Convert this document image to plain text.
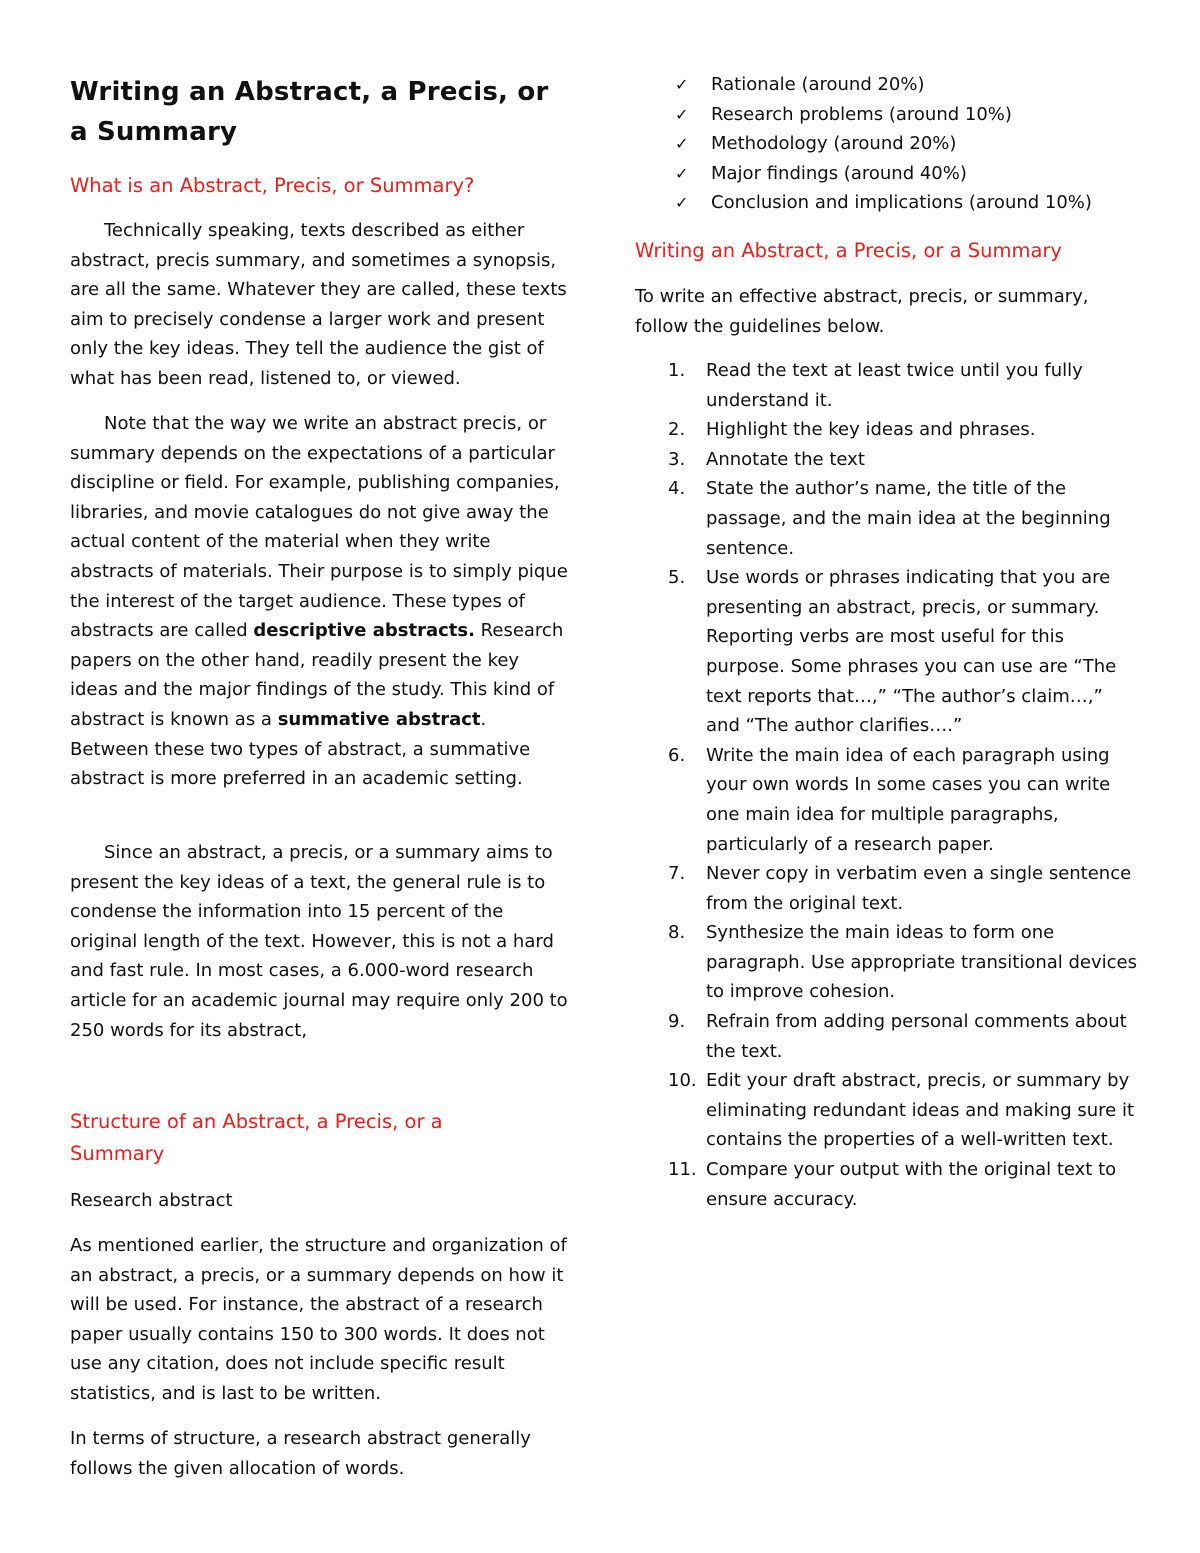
Writing an Abstract, a Precis, or a Summary
What is an Abstract, Precis, or Summary?

Technically speaking, texts described as either abstract, precis summary, and sometimes a synopsis, are all the same. Whatever they are called, these texts aim to precisely condense a larger work and present only the key ideas. They tell the audience the gist of what has been read, listened to, or viewed.

Note that the way we write an abstract precis, or summary depends on the expectations of a particular discipline or field. For example, publishing companies, libraries, and movie catalogues do not give away the actual content of the material when they write abstracts of materials. Their purpose is to simply pique the interest of the target audience. These types of abstracts are called descriptive abstracts. Research papers on the other hand, readily present the key ideas and the major findings of the study. This kind of abstract is known as a summative abstract. Between these two types of abstract, a summative abstract is more preferred in an academic setting.

Since an abstract, a precis, or a summary aims to present the key ideas of a text, the general rule is to condense the information into 15 percent of the original length of the text. However, this is not a hard and fast rule. In most cases, a 6.000-word research article for an academic journal may require only 200 to 250 words for its abstract,

Structure of an Abstract, a Precis, or a Summary

Research abstract

As mentioned earlier, the structure and organization of an abstract, a precis, or a summary depends on how it will be used. For instance, the abstract of a research paper usually contains 150 to 300 words. It does not use any citation, does not include specific result statistics, and is last to be written.

In terms of structure, a research abstract generally follows the given allocation of words.

✓ Rationale (around 20%)
✓ Research problems (around 10%)
✓ Methodology (around 20%)
✓ Major findings (around 40%)
✓ Conclusion and implications (around 10%)
Writing an Abstract, a Precis, or a Summary

To write an effective abstract, precis, or summary, follow the guidelines below.

1. Read the text at least twice until you fully understand it.
2. Highlight the key ideas and phrases.
3. Annotate the text
4. State the author’s name, the title of the passage, and the main idea at the beginning sentence.
5. Use words or phrases indicating that you are presenting an abstract, precis, or summary. Reporting verbs are most useful for this purpose. Some phrases you can use are “The text reports that…,” “The author’s claim…,” and “The author clarifies….”
6. Write the main idea of each paragraph using your own words In some cases you can write one main idea for multiple paragraphs, particularly of a research paper.
7. Never copy in verbatim even a single sentence from the original text.
8. Synthesize the main ideas to form one paragraph. Use appropriate transitional devices to improve cohesion.
9. Refrain from adding personal comments about the text.
10. Edit your draft abstract, precis, or summary by eliminating redundant ideas and making sure it contains the properties of a well-written text.
11. Compare your output with the original text to ensure accuracy.
